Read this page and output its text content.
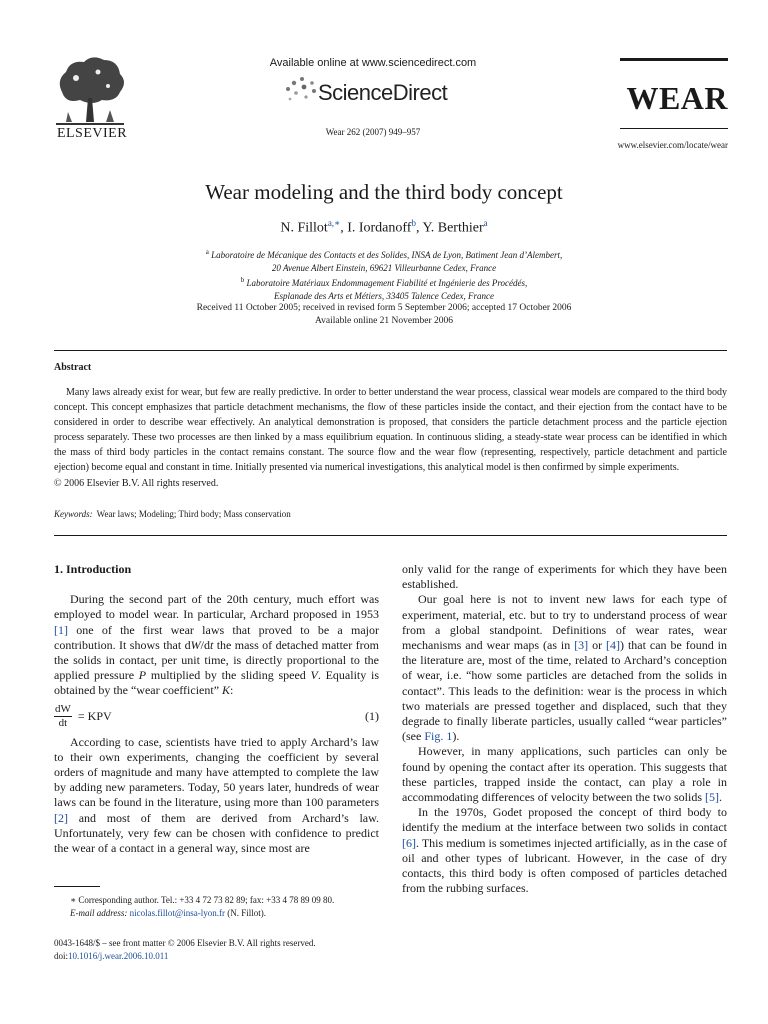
ELSEVIER
Available online at www.sciencedirect.com
ScienceDirect
Wear 262 (2007) 949–957
WEAR
www.elsevier.com/locate/wear
Wear modeling and the third body concept
N. Fillot$^{a,∗}$, I. Iordanoff$^b$, Y. Berthier$^a$
$^a$ Laboratoire de Mécanique des Contacts et des Solides, INSA de Lyon, Batiment Jean d’Alembert,
20 Avenue Albert Einstein, 69621 Villeurbanne Cedex, France
$^b$ Laboratoire Matériaux Endommagement Fiabilité et Ingénierie des Procédés,
Esplanade des Arts et Métiers, 33405 Talence Cedex, France
Received 11 October 2005; received in revised form 5 September 2006; accepted 17 October 2006
Available online 21 November 2006
Abstract

Many laws already exist for wear, but few are really predictive. In order to better understand the wear process, classical wear models are compared to the third body concept. This concept emphasizes that particle detachment mechanisms, the flow of these particles inside the contact, and their ejection from the contact have to be considered in order to describe wear effectively. An analytical demonstration is proposed, that considers the particle detachment process and the particle ejection process separately. These two processes are then linked by a mass equilibrium equation. In continuous sliding, a steady-state wear process can be identified in which the mass of third body particles in the contact remains constant. The source flow and the wear flow (representing, respectively, particle detachment and particle ejection) become equal and constant in time. Initially presented via numerical investigations, this analytical model is then confirmed by simple experiments.

© 2006 Elsevier B.V. All rights reserved.

Keywords: Wear laws; Modeling; Third body; Mass conservation

1. Introduction

During the second part of the 20th century, much effort was employed to model wear. In particular, Archard proposed in 1953 [1] one of the first wear laws that proved to be a major contribution. It shows that dW/dt the mass of detached matter from the solids in contact, per unit time, is directly proportional to the applied pressure P multiplied by the sliding speed V. Equality is obtained by the “wear coefficient” K:

$\frac{dW}{dt}$ = KPV	(1)

According to case, scientists have tried to apply Archard’s law to their own experiments, changing the coefficient by several orders of magnitude and many have attempted to complete the law by adding new parameters. Today, 50 years later, hundreds of wear laws can be found in the literature, using more than 100 parameters [2] and most of them are derived from Archard’s law. Unfortunately, very few can be chosen with confidence to predict the wear of a contact in a general way, since most are

only valid for the range of experiments for which they have been established.

Our goal here is not to invent new laws for each type of experiment, material, etc. but to try to understand process of wear from a global standpoint. Definitions of wear rates, wear mechanisms and wear maps (as in [3] or [4]) that can be found in the literature are, most of the time, related to Archard’s conception of wear, i.e. “how some particles are detached from the solids in contact”. This leads to the definition: wear is the process in which two materials are pressed together and displaced, such that they degrade to finally liberate particles, usually called “wear particles” (see Fig. 1).

However, in many applications, such particles can only be found by opening the contact after its operation. This suggests that these particles, trapped inside the contact, can play a role in accommodating differences of velocity between the two solids [5].

In the 1970s, Godet proposed the concept of third body to identify the medium at the interface between two solids in contact [6]. This medium is sometimes injected artificially, as in the case of oil and other types of lubricant. However, in the case of dry contacts, this third body is often composed of particles detached from the rubbing surfaces.

∗ Corresponding author. Tel.: +33 4 72 73 82 89; fax: +33 4 78 89 09 80.

E-mail address: nicolas.fillot@insa-lyon.fr (N. Fillot).

0043-1648/$ – see front matter © 2006 Elsevier B.V. All rights reserved.
doi:10.1016/j.wear.2006.10.011
